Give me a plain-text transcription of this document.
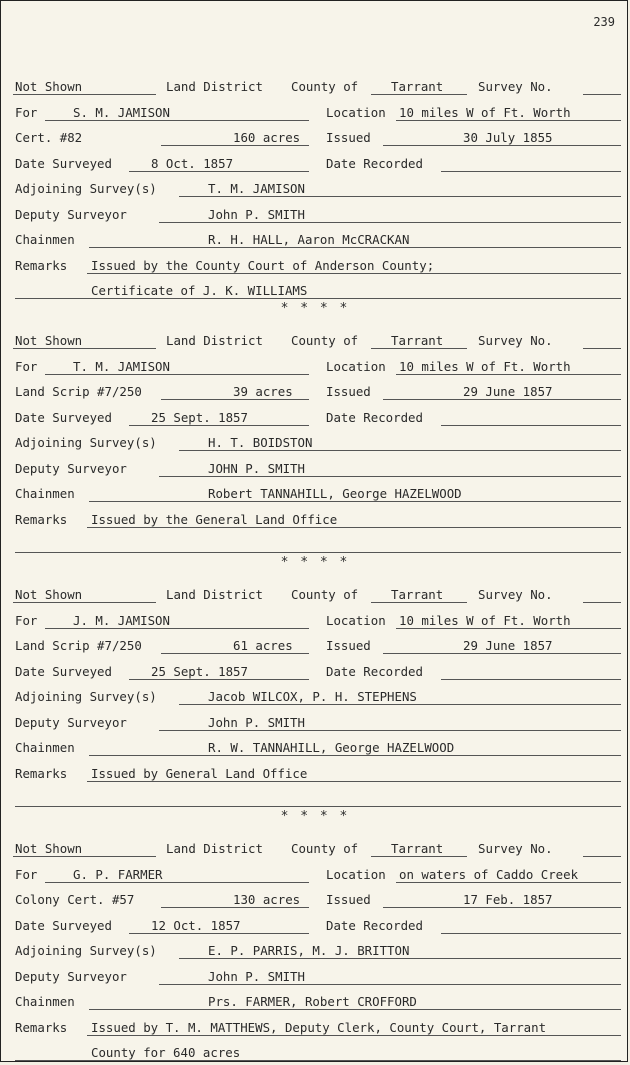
239
Not Shown	Land District County of	Tarrant	Survey No.
For	S. M. JAMISON	Location 10 miles W of Ft. Worth
Cert. #82	160 acres Issued	30 July 1855
Date Surveyed	8 Oct. 1857	Date Recorded
Adjoining Survey(s)	T. M. JAMISON
Deputy Surveyor	John P. SMITH
Chainmen	R. H. HALL, Aaron McCRACKAN
Remarks Issued by the County Court of Anderson County;
Certificate of J. K. WILLIAMS
Not Shown	Land District County of	Tarrant	Survey No.
For	T. M. JAMISON	Location 10 miles W of Ft. Worth
Land Scrip #7/250	39 acres	Issued	29 June 1857
Date Surveyed	25 Sept. 1857	Date Recorded
Adjoining Survey(s)	H. T. BOIDSTON
Deputy Surveyor	JOHN P. SMITH
Chainmen	Robert TANNAHILL, George HAZELWOOD
Remarks Issued by the General Land Office
Not Shown	Land District County of	Tarrant	Survey No.
For	J. M. JAMISON	Location 10 miles W of Ft. Worth
Land Scrip #7/250	61 acres	Issued	29 June 1857
Date Surveyed	25 Sept. 1857	Date Recorded
Adjoining Survey(s)	Jacob WILCOX, P. H. STEPHENS
Deputy Surveyor	John P. SMITH
Chainmen	R. W. TANNAHILL, George HAZELWOOD
Remarks Issued by General Land Office
Not Shown	Land District County of	Tarrant	Survey No.
For	G. P. FARMER	Location on waters of Caddo Creek
Colony Cert. #57	130 acres Issued	17 Feb. 1857
Date Surveyed	12 Oct. 1857	Date Recorded
Adjoining Survey(s)	E. P. PARRIS, M. J. BRITTON
Deputy Surveyor	John P. SMITH
Chainmen	Prs. FARMER, Robert CROFFORD
Remarks Issued by T. M. MATTHEWS, Deputy Clerk, County Court, Tarrant
County for 640 acres
* * * *
* * * *
* * * *
